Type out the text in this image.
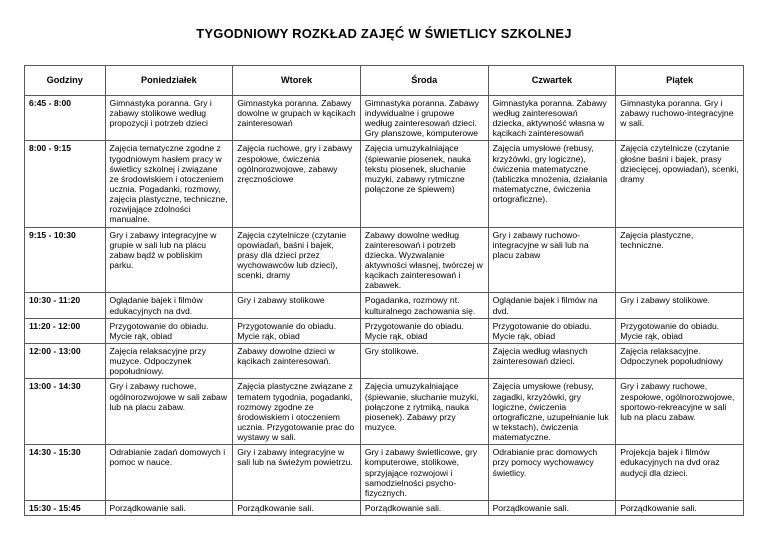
TYGODNIOWY ROZKŁAD ZAJĘĆ W ŚWIETLICY SZKOLNEJ
Godziny	Poniedziałek	Wtorek	Środa	Czwartek	Piątek
6:45 - 8:00	Gimnastyka poranna. Gry i zabawy stolikowe według propozycji i potrzeb dzieci	Gimnastyka poranna. Zabawy dowolne w grupach w kącikach zainteresowań	Gimnastyka poranna. Zabawy indywidualne i grupowe według zainteresowań dzieci. Gry planszowe, komputerowe	Gimnastyka poranna. Zabawy według zainteresowań dziecka, aktywność własna w kącikach zainteresowań	Gimnastyka poranna. Gry i zabawy ruchowo-integracyjne w sali.
8:00 - 9:15	Zajęcia tematyczne zgodne z tygodniowym hasłem pracy w świetlicy szkolnej i związane ze środowiskiem i otoczeniem ucznia. Pogadanki, rozmowy, zajęcia plastyczne, techniczne, rozwijające zdolności manualne.	Zajęcia ruchowe, gry i zabawy zespołowe, ćwiczenia ogólnorozwojowe, zabawy zręcznościowe	Zajęcia umuzykalniające (śpiewanie piosenek, nauka tekstu piosenek, słuchanie muzyki, zabawy rytmiczne połączone ze śpiewem)	Zajęcia umysłowe (rebusy, krzyżówki, gry logiczne), ćwiczenia matematyczne (tabliczka mnożenia, działania matematyczne, ćwiczenia ortograficzne).	Zajęcia czytelnicze (czytanie głośne baśni i bajek, prasy dziecięcej, opowiadań), scenki, dramy
9:15 - 10:30	Gry i zabawy integracyjne w grupie w sali lub na placu zabaw bądź w pobliskim parku.	Zajęcia czytelnicze (czytanie opowiadań, baśni i bajek, prasy dla dzieci przez wychowawców lub dzieci), scenki, dramy	Zabawy dowolne według zainteresowań i potrzeb dziecka. Wyzwalanie aktywności własnej, twórczej w kącikach zainteresowań i zabawek.	Gry i zabawy ruchowo-integracyjne w sali lub na placu zabaw	Zajęcia plastyczne, techniczne.
10:30 - 11:20	Oglądanie bajek i filmów edukacyjnych na dvd.	Gry i zabawy stolikowe	Pogadanka, rozmowy nt. kulturalnego zachowania się.	Oglądanie bajek i filmów na dvd.	Gry i zabawy stolikowe.
11:20 - 12:00	Przygotowanie do obiadu. Mycie rąk, obiad	Przygotowanie do obiadu. Mycie rąk, obiad	Przygotowanie do obiadu. Mycie rąk, obiad	Przygotowanie do obiadu. Mycie rąk, obiad	Przygotowanie do obiadu. Mycie rąk, obiad
12:00 - 13:00	Zajęcia relaksacyjne przy muzyce. Odpoczynek popołudniowy.	Zabawy dowolne dzieci w kącikach zainteresowań.	Gry stolikowe.	Zajęcia według własnych zainteresowań dzieci.	Zajęcia relaksacyjne. Odpoczynek popołudniowy
13:00 - 14:30	Gry i zabawy ruchowe, ogólnorozwojowe w sali zabaw lub na placu zabaw.	Zajęcia plastyczne związane z tematem tygodnia, pogadanki, rozmowy zgodne ze środowiskiem i otoczeniem ucznia. Przygotowanie prac do wystawy w sali.	Zajęcia umuzykalniające (śpiewanie, słuchanie muzyki, połączone z rytmiką, nauka piosenek). Zabawy przy muzyce.	Zajęcia umysłowe (rebusy, zagadki, krzyżówki, gry logiczne, ćwiczenia ortograficzne, uzupełnianie luk w tekstach), ćwiczenia matematyczne.	Gry i zabawy ruchowe, zespołowe, ogólnorozwojowe, sportowo-rekreacyjne w sali lub na placu zabaw.
14:30 - 15:30	Odrabianie zadań domowych i pomoc w nauce.	Gry i zabawy integracyjne w sali lub na świeżym powietrzu.	Gry i zabawy świetlicowe, gry komputerowe, stolikowe, sprzyjające rozwojowi i samodzielności psycho-fizycznych.	Odrabianie prac domowych przy pomocy wychowawcy świetlicy.	Projekcja bajek i filmów edukacyjnych na dvd oraz audycji dla dzieci.
15:30 - 15:45	Porządkowanie sali.	Porządkowanie sali.	Porządkowanie sali.	Porządkowanie sali.	Porządkowanie sali.
